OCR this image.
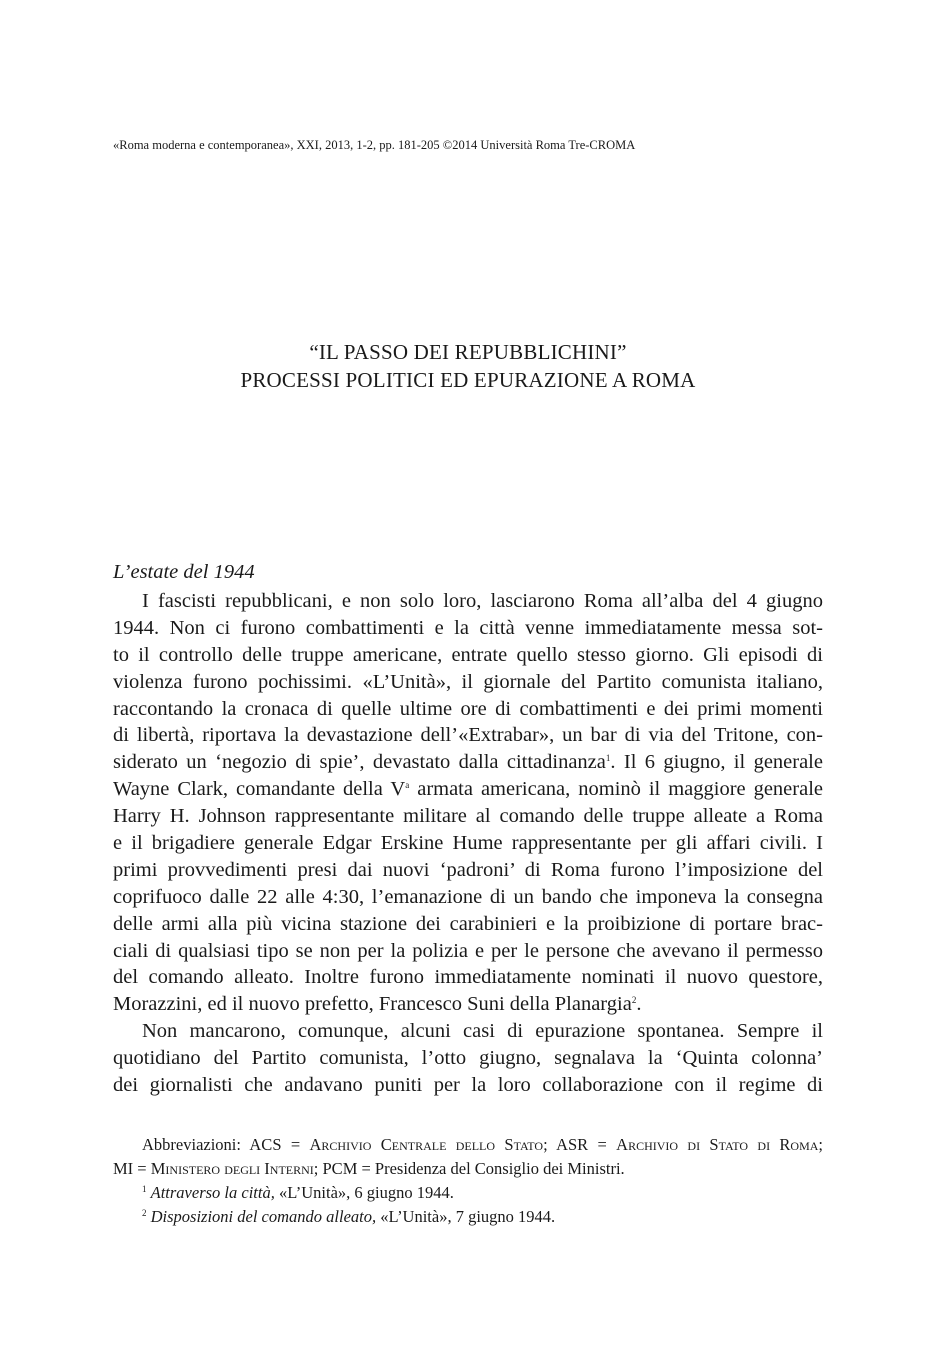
«Roma moderna e contemporanea», XXI, 2013, 1-2, pp. 181-205 ©2014 Università Roma Tre-CROMA
“IL PASSO DEI REPUBBLICHINI”
PROCESSI POLITICI ED EPURAZIONE A ROMA
L’estate del 1944
I fascisti repubblicani, e non solo loro, lasciarono Roma all’alba del 4 giugno
1944. Non ci furono combattimenti e la città venne immediatamente messa sot-
to il controllo delle truppe americane, entrate quello stesso giorno. Gli episodi di
violenza furono pochissimi. «L’Unità», il giornale del Partito comunista italiano,
raccontando la cronaca di quelle ultime ore di combattimenti e dei primi momenti
di libertà, riportava la devastazione dell’«Extrabar», un bar di via del Tritone, con-
siderato un ‘negozio di spie’, devastato dalla cittadinanza$^1$. Il 6 giugno, il generale
Wayne Clark, comandante della $V^a$ armata americana, nominò il maggiore generale
Harry H. Johnson rappresentante militare al comando delle truppe alleate a Roma
e il brigadiere generale Edgar Erskine Hume rappresentante per gli affari civili. I
primi provvedimenti presi dai nuovi ‘padroni’ di Roma furono l’imposizione del
coprifuoco dalle 22 alle 4:30, l’emanazione di un bando che imponeva la consegna
delle armi alla più vicina stazione dei carabinieri e la proibizione di portare brac-
ciali di qualsiasi tipo se non per la polizia e per le persone che avevano il permesso
del comando alleato. Inoltre furono immediatamente nominati il nuovo questore,
Morazzini, ed il nuovo prefetto, Francesco Suni della Planargia$^2$.
Non mancarono, comunque, alcuni casi di epurazione spontanea. Sempre il
quotidiano del Partito comunista, l’otto giugno, segnalava la ‘Quinta colonna’
dei giornalisti che andavano puniti per la loro collaborazione con il regime di
Abbreviazioni: ACS = Archivio Centrale dello Stato; ASR = Archivio di Stato di Roma;
MI = Ministero degli Interni; PCM = Presidenza del Consiglio dei Ministri.
$^1$ Attraverso la città, «L’Unità», 6 giugno 1944.
$^2$ Disposizioni del comando alleato, «L’Unità», 7 giugno 1944.
